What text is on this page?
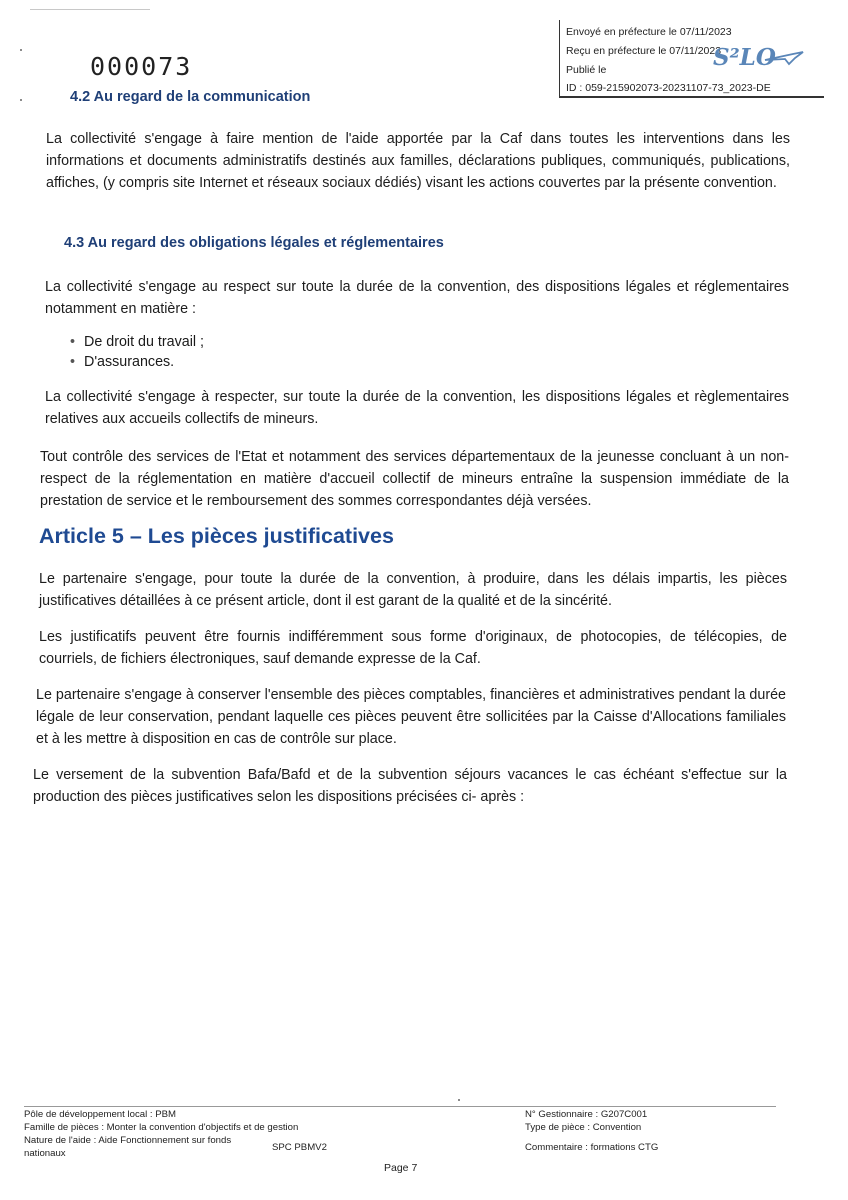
000073
Envoyé en préfecture le 07/11/2023
Reçu en préfecture le 07/11/2023
Publié le
ID : 059-215902073-20231107-73_2023-DE
S²LO
4.2 Au regard de la communication
La collectivité s'engage à faire mention de l'aide apportée par la Caf dans toutes les interventions dans les informations et documents administratifs destinés aux familles, déclarations publiques, communiqués, publications, affiches, (y compris site Internet et réseaux sociaux dédiés) visant les actions couvertes par la présente convention.
4.3 Au regard des obligations légales et réglementaires
La collectivité s'engage au respect sur toute la durée de la convention, des dispositions légales et réglementaires notamment en matière :
• De droit du travail ;
• D'assurances.
La collectivité s'engage à respecter, sur toute la durée de la convention, les dispositions légales et règlementaires relatives aux accueils collectifs de mineurs.
Tout contrôle des services de l'Etat et notamment des services départementaux de la jeunesse concluant à un non-respect de la réglementation en matière d'accueil collectif de mineurs entraîne la suspension immédiate de la prestation de service et le remboursement des sommes correspondantes déjà versées.
Article 5 – Les pièces justificatives
Le partenaire s'engage, pour toute la durée de la convention, à produire, dans les délais impartis, les pièces justificatives détaillées à ce présent article, dont il est garant de la qualité et de la sincérité.
Les justificatifs peuvent être fournis indifféremment sous forme d'originaux, de photocopies, de télécopies, de courriels, de fichiers électroniques, sauf demande expresse de la Caf.
Le partenaire s'engage à conserver l'ensemble des pièces comptables, financières et administratives pendant la durée légale de leur conservation, pendant laquelle ces pièces peuvent être sollicitées par la Caisse d'Allocations familiales et à les mettre à disposition en cas de contrôle sur place.
Le versement de la subvention Bafa/Bafd et de la subvention séjours vacances le cas échéant s'effectue sur la production des pièces justificatives selon les dispositions précisées ci- après :
Pôle de développement local : PBM
Famille de pièces : Monter la convention d'objectifs et de gestion
Nature de l'aide : Aide Fonctionnement sur fonds
nationaux
SPC PBMV2
N° Gestionnaire : G207C001
Type de pièce : Convention
Commentaire : formations CTG
Page 7
